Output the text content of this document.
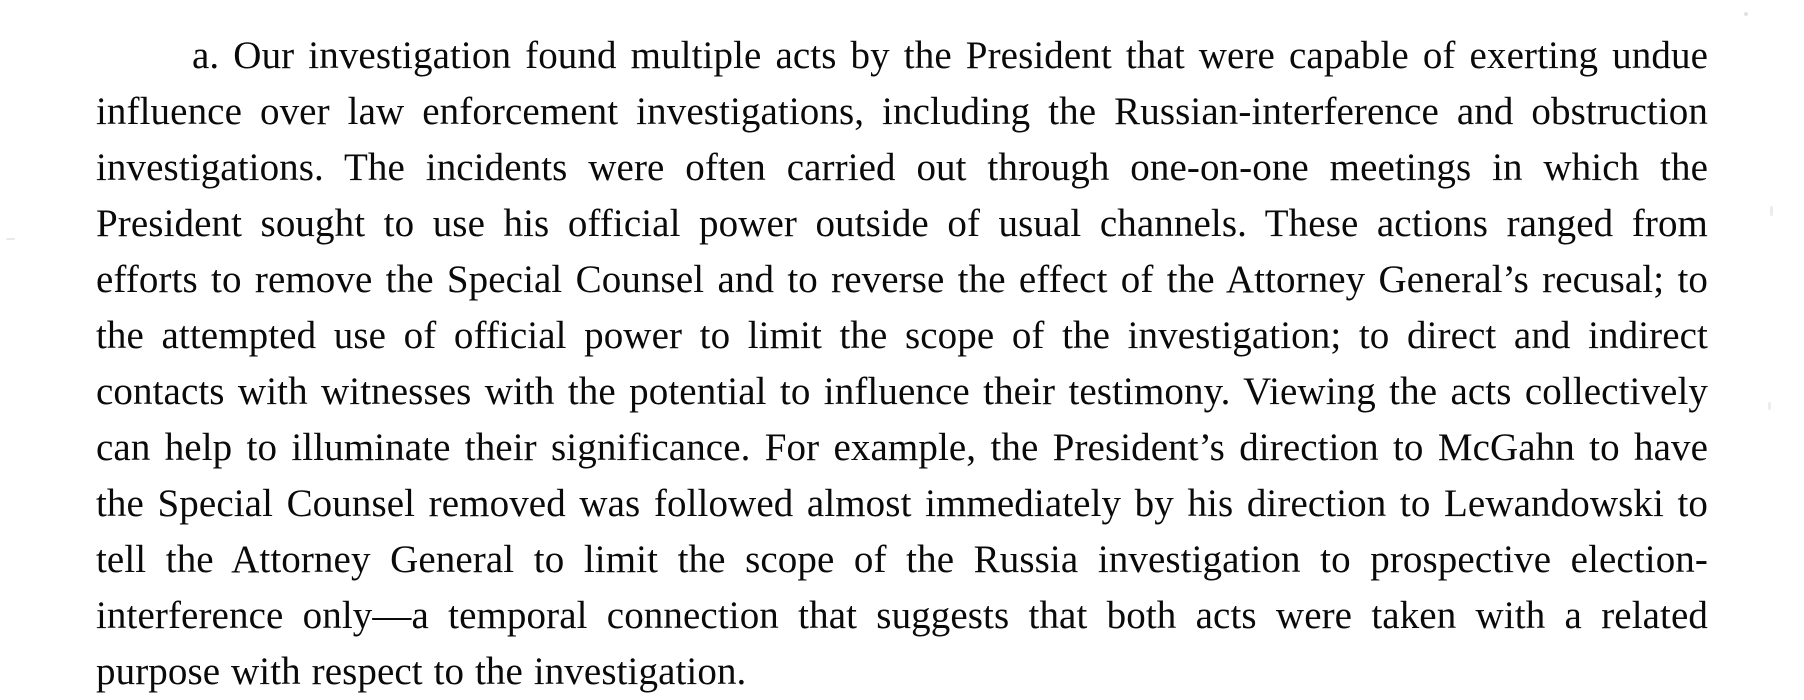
a. Our investigation found multiple acts by the President that were capable of exerting undue influence over law enforcement investigations, including the Russian-interference and obstruction investigations. The incidents were often carried out through one-on-one meetings in which the President sought to use his official power outside of usual channels. These actions ranged from efforts to remove the Special Counsel and to reverse the effect of the Attorney General’s recusal; to the attempted use of official power to limit the scope of the investigation; to direct and indirect contacts with witnesses with the potential to influence their testimony. Viewing the acts collectively can help to illuminate their significance. For example, the President’s direction to McGahn to have the Special Counsel removed was followed almost immediately by his direction to Lewandowski to tell the Attorney General to limit the scope of the Russia investigation to prospective election-interference only—a temporal connection that suggests that both acts were taken with a related purpose with respect to the investigation.
